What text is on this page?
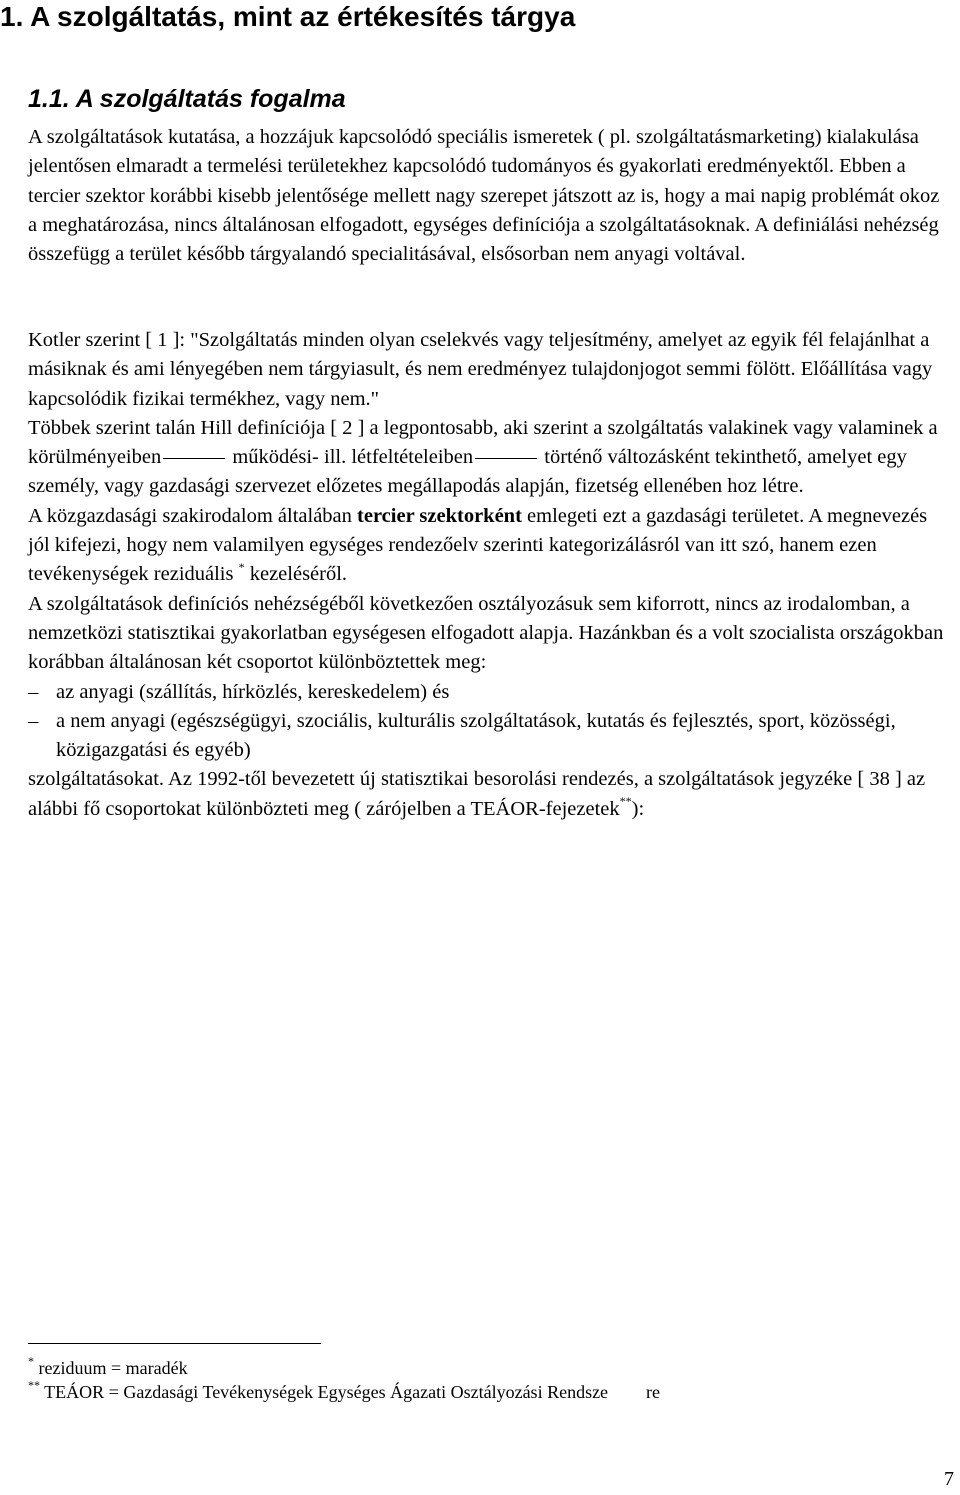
1. A szolgáltatás, mint az értékesítés tárgya
1.1. A szolgáltatás fogalma

A szolgáltatások kutatása, a hozzájuk kapcsolódó speciális ismeretek ( pl. szolgáltatásmarketing) kialakulása jelentősen elmaradt a termelési területekhez kapcsolódó tudományos és gyakorlati eredményektől. Ebben a tercier szektor korábbi kisebb jelentősége mellett nagy szerepet játszott az is, hogy a mai napig problémát okoz a meghatározása, nincs általánosan elfogadott, egységes definíciója a szolgáltatásoknak. A definiálási nehézség összefügg a terület később tárgyalandó specialitásával, elsősorban nem anyagi voltával.

Kotler szerint [ 1 ]: "Szolgáltatás minden olyan cselekvés vagy teljesítmény, amelyet az egyik fél felajánlhat a másiknak és ami lényegében nem tárgyiasult, és nem eredményez tulajdonjogot semmi fölött. Előállítása vagy kapcsolódik fizikai termékhez, vagy nem."

Többek szerint talán Hill definíciója [ 2 ] a legpontosabb, aki szerint a szolgáltatás valakinek vagy valaminek a körülményeiben	működési- ill. létfeltételeiben	történő változásként tekinthető, amelyet egy személy, vagy gazdasági szervezet előzetes megállapodás alapján, fizetség ellenében hoz létre.

A közgazdasági szakirodalom általában tercier szektorként emlegeti ezt a gazdasági területet. A megnevezés jól kifejezi, hogy nem valamilyen egységes rendezőelv szerinti kategorizálásról van itt szó, hanem ezen tevékenységek reziduális * kezeléséről.

A szolgáltatások definíciós nehézségéből következően osztályozásuk sem kiforrott, nincs az irodalomban, a nemzetközi statisztikai gyakorlatban egységesen elfogadott alapja. Hazánkban és a volt szocialista országokban korábban általánosan két csoportot különböztettek meg:

– az anyagi (szállítás, hírközlés, kereskedelem) és

– a nem anyagi (egészségügyi, szociális, kulturális szolgáltatások, kutatás és fejlesztés, sport, közösségi, közigazgatási és egyéb)

szolgáltatásokat. Az 1992-től bevezetett új statisztikai besorolási rendezés, a szolgáltatások jegyzéke [ 38 ] az alábbi fő csoportokat különbözteti meg ( zárójelben a TEÁOR-fejezetek**):

* reziduum = maradék
** TEÁOR = Gazdasági Tevékenységek Egységes Ágazati Osztályozási Rendsze re
7
